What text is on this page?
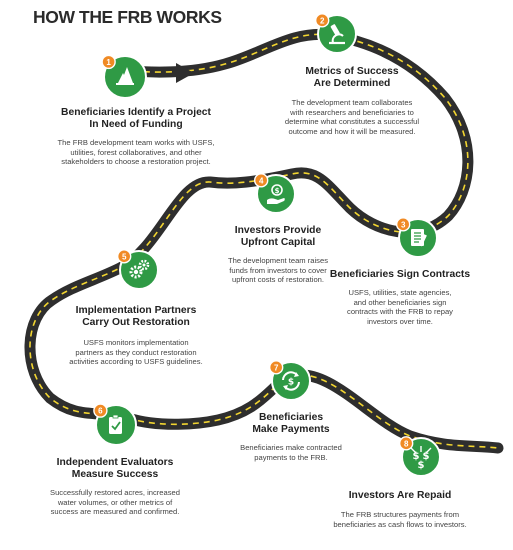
HOW THE FRB WORKS
1
2
3
$
4
5
6
$
7
$ $
$
8
Beneficiaries Identify a Project
In Need of Funding
The FRB development team works with USFS,
utilities, forest collaboratives, and other
stakeholders to choose a restoration project.
Metrics of Success
Are Determined
The development team collaborates
with researchers and beneficiaries to
determine what constitutes a successful
outcome and how it will be measured.
Beneficiaries Sign Contracts
USFS, utilities, state agencies,
and other beneficiaries sign
contracts with the FRB to repay
investors over time.
Investors Provide
Upfront Capital
The development team raises
funds from investors to cover
upfront costs of restoration.
Implementation Partners
Carry Out Restoration
USFS monitors implementation
partners as they conduct restoration
activities according to USFS guidelines.
Independent Evaluators
Measure Success
Successfully restored acres, increased
water volumes, or other metrics of
success are measured and confirmed.
Beneficiaries
Make Payments
Beneficiaries make contracted
payments to the FRB.
Investors Are Repaid
The FRB structures payments from
beneficiaries as cash flows to investors.
